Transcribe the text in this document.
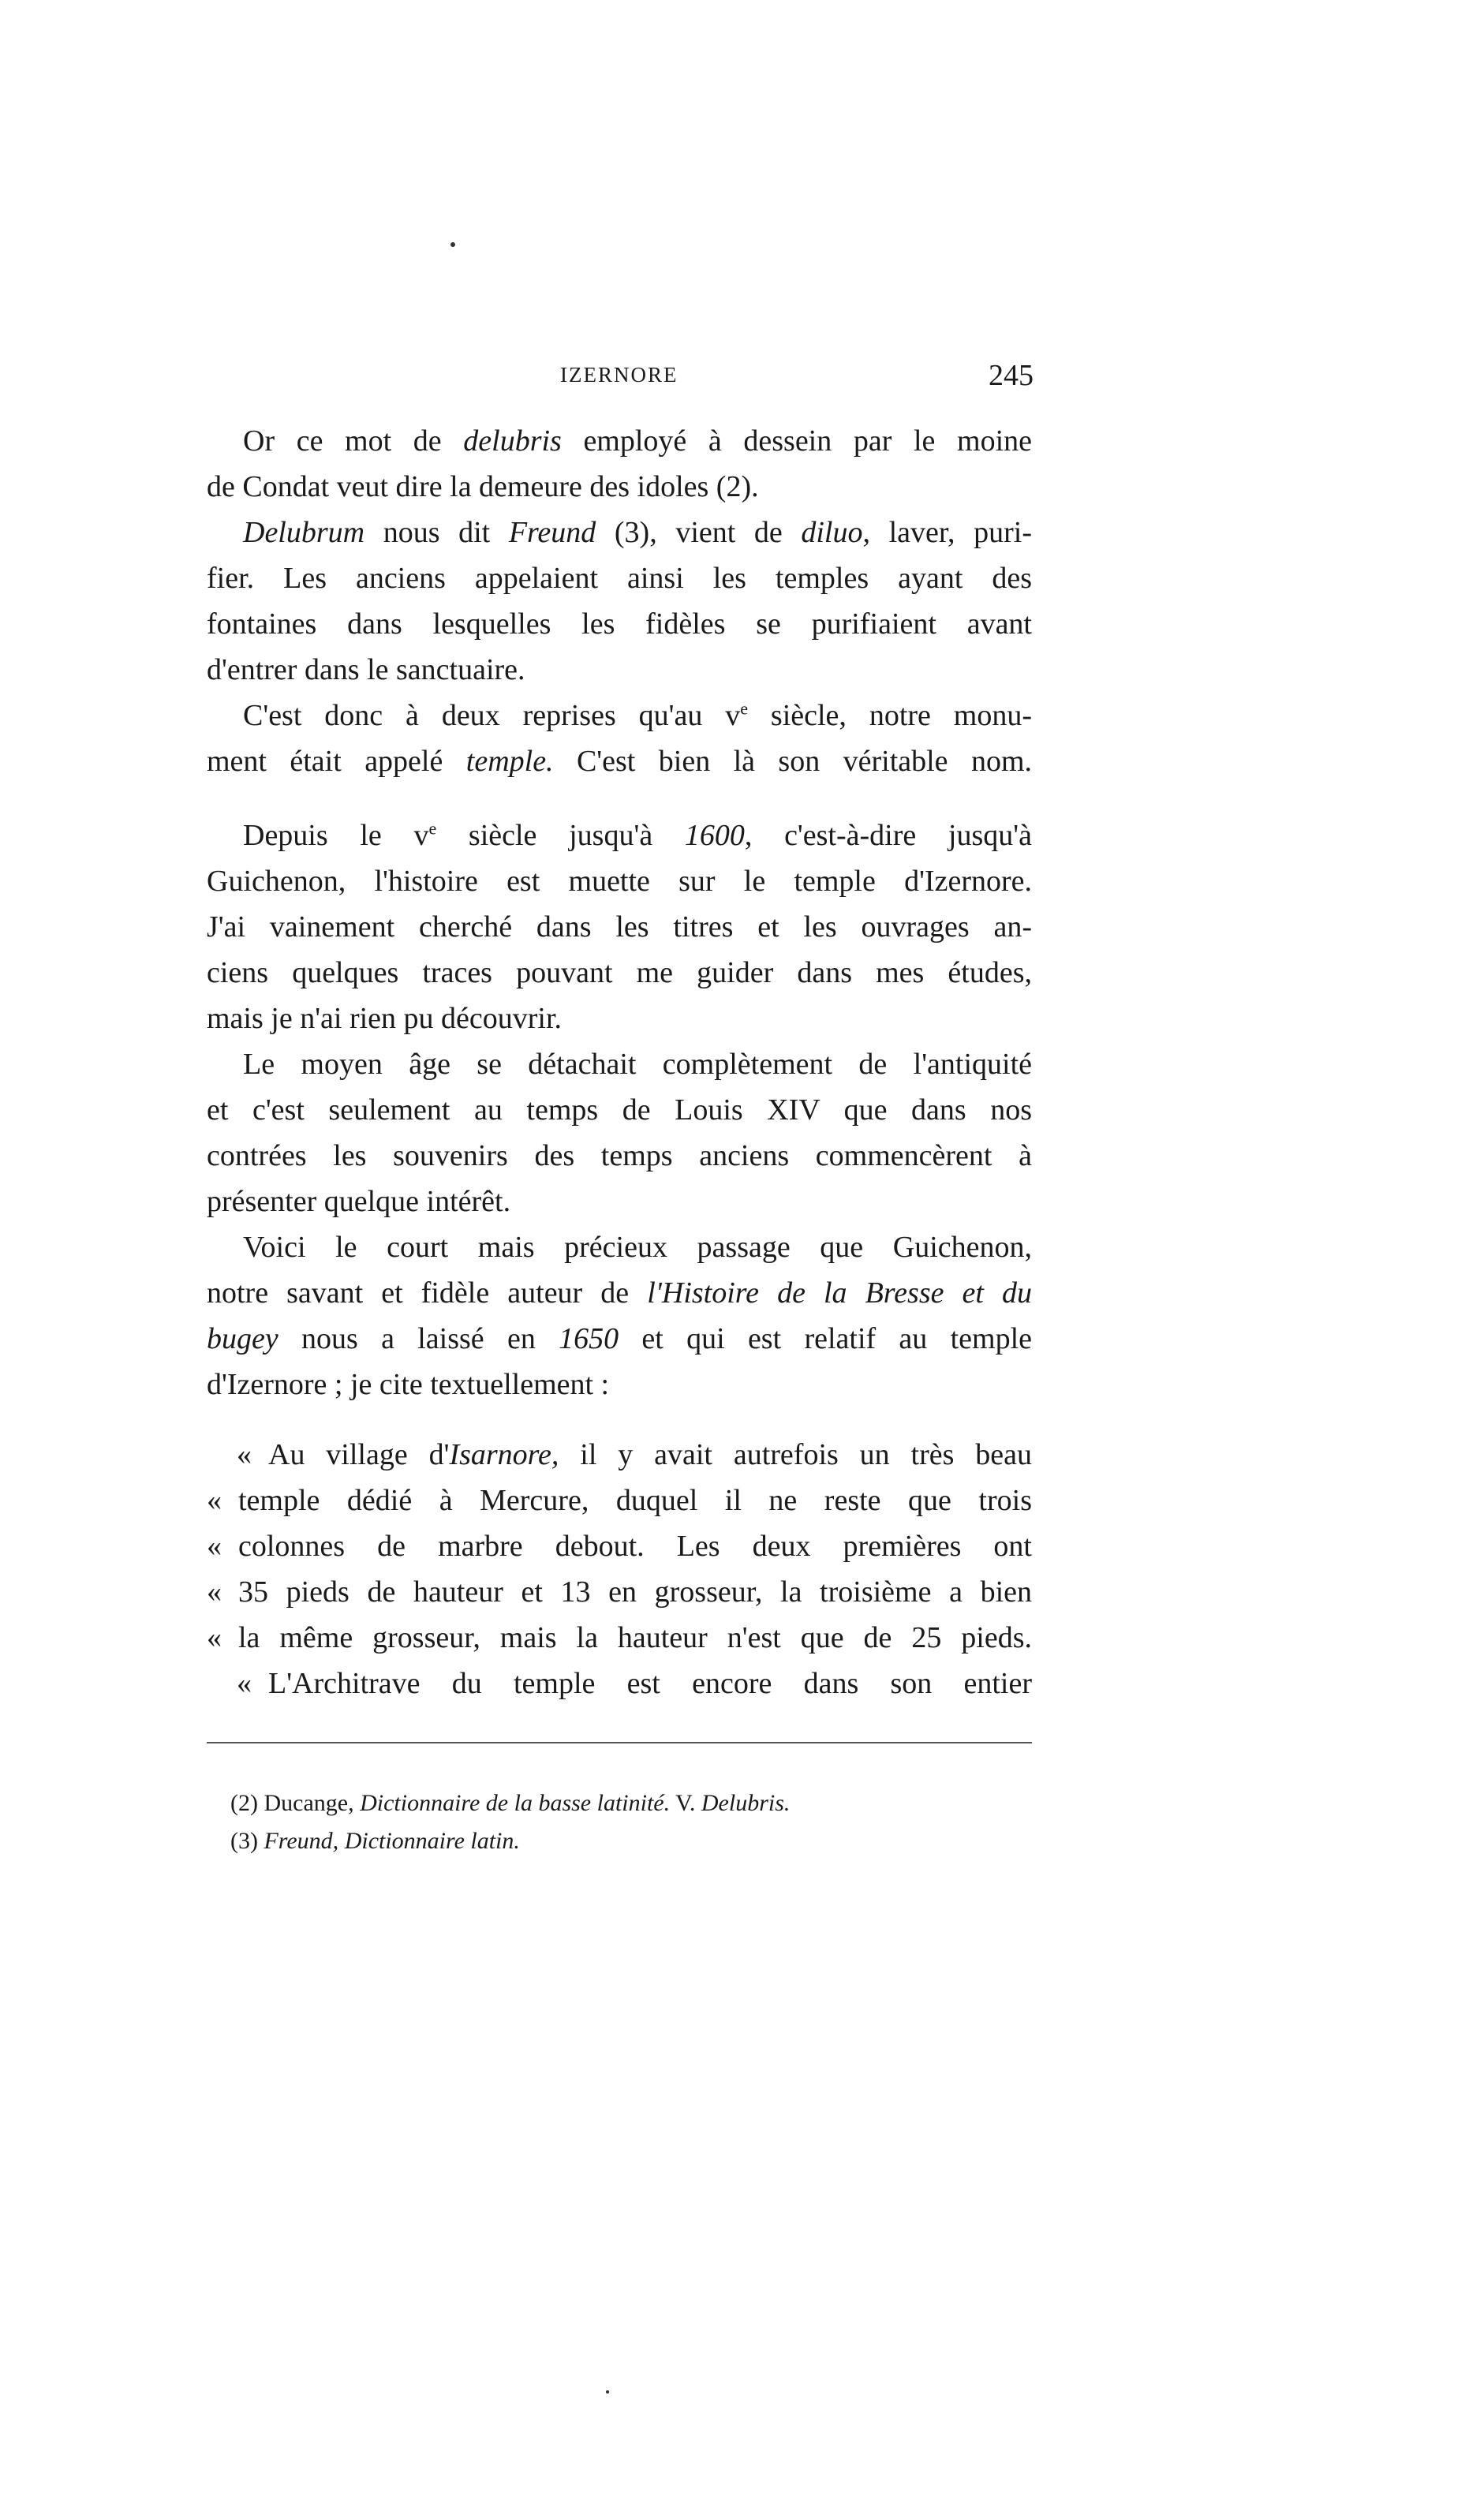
IZERNORE	245
Or ce mot de delubris employé à dessein par le moine
de Condat veut dire la demeure des idoles (2).
Delubrum nous dit Freund (3), vient de diluo, laver, puri-
fier. Les anciens appelaient ainsi les temples ayant des
fontaines dans lesquelles les fidèles se purifiaient avant
d'entrer dans le sanctuaire.
C'est donc à deux reprises qu'au $v^e$ siècle, notre monu-
ment était appelé temple. C'est bien là son véritable nom.
Depuis le $v^e$ siècle jusqu'à 1600, c'est-à-dire jusqu'à
Guichenon, l'histoire est muette sur le temple d'Izernore.
J'ai vainement cherché dans les titres et les ouvrages an-
ciens quelques traces pouvant me guider dans mes études,
mais je n'ai rien pu découvrir.
Le moyen âge se détachait complètement de l'antiquité
et c'est seulement au temps de Louis XIV que dans nos
contrées les souvenirs des temps anciens commencèrent à
présenter quelque intérêt.
Voici le court mais précieux passage que Guichenon,
notre savant et fidèle auteur de l'Histoire de la Bresse et du
bugey nous a laissé en 1650 et qui est relatif au temple
d'Izernore ; je cite textuellement :
« Au village d'Isarnore, il y avait autrefois un très beau
« temple dédié à Mercure, duquel il ne reste que trois
« colonnes de marbre debout. Les deux premières ont
« 35 pieds de hauteur et 13 en grosseur, la troisième a bien
« la même grosseur, mais la hauteur n'est que de 25 pieds.
« L'Architrave du temple est encore dans son entier
(2) Ducange, Dictionnaire de la basse latinité. V. Delubris.
(3) Freund, Dictionnaire latin.
